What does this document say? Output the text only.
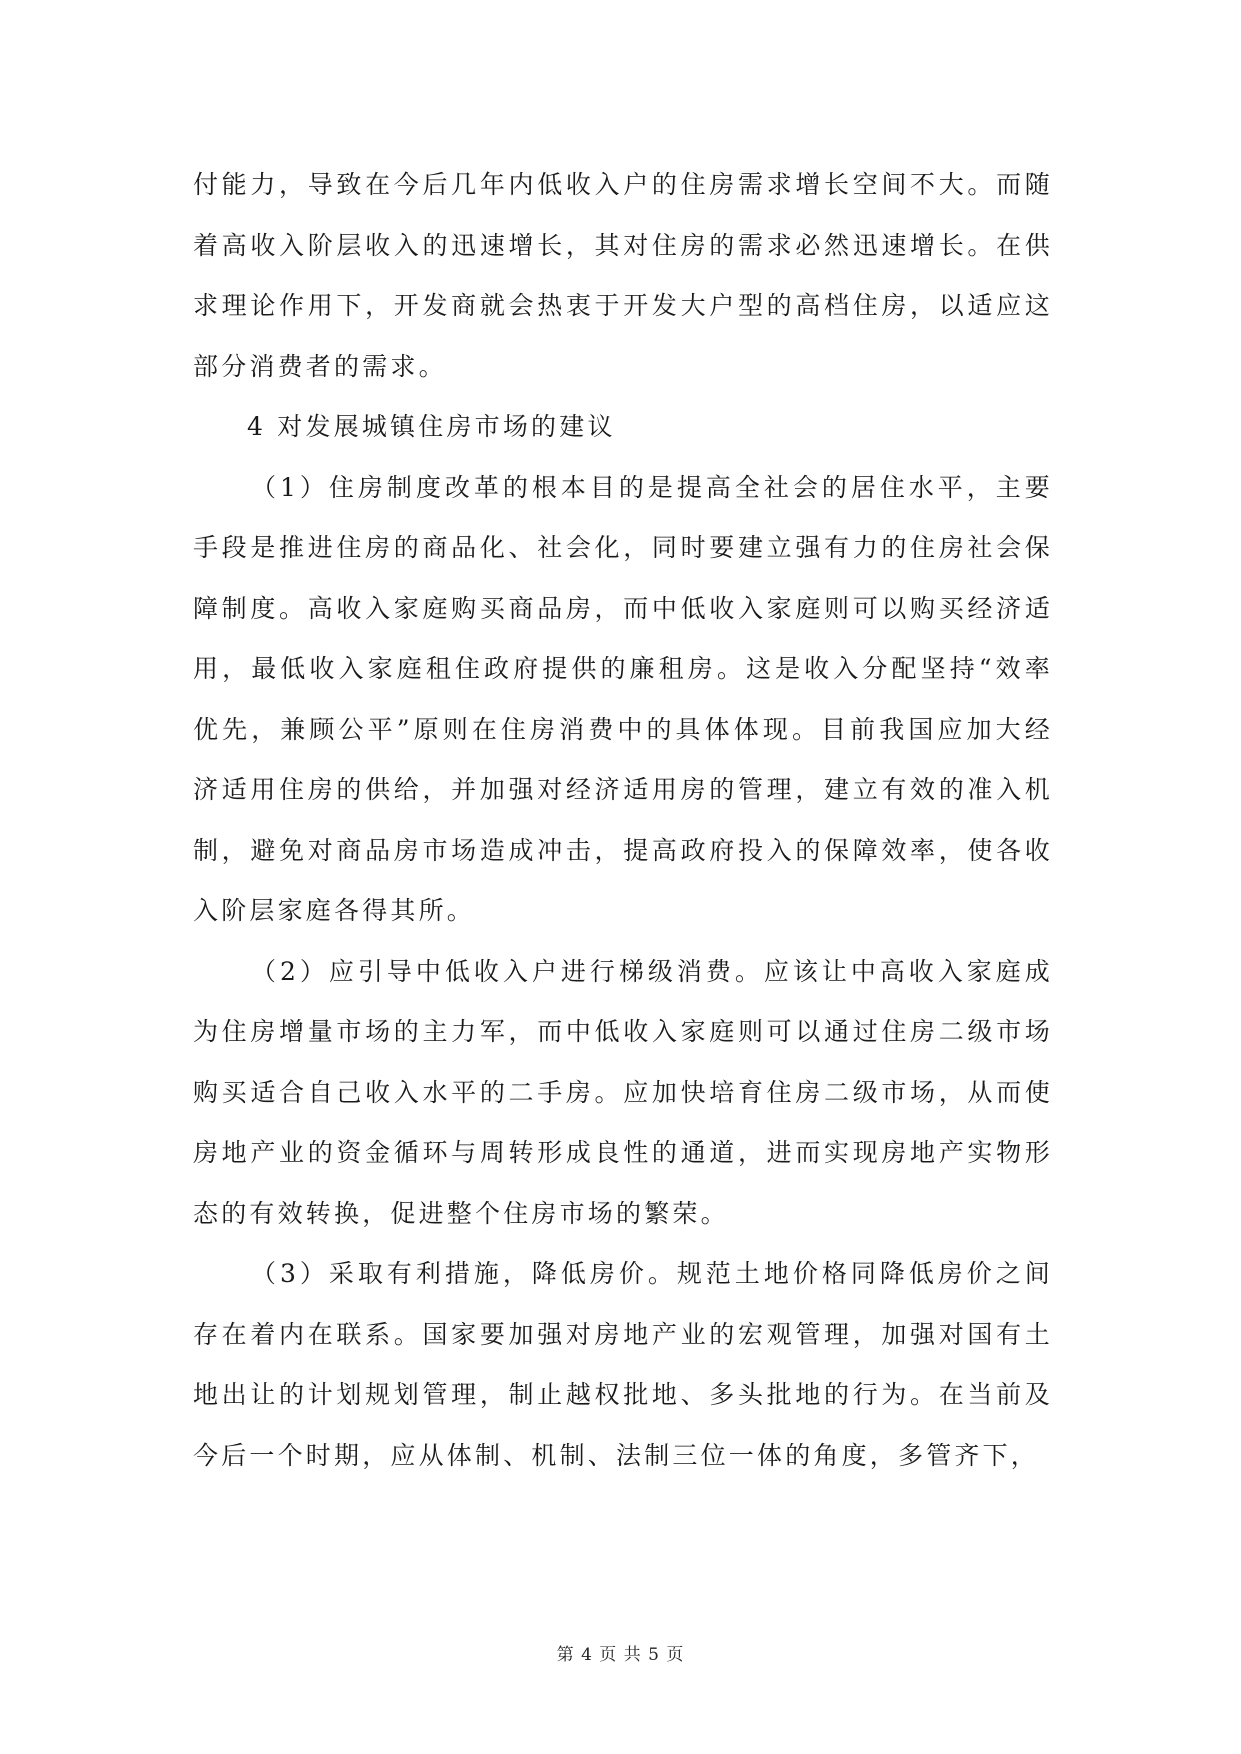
付能力，导致在今后几年内低收入户的住房需求增长空间不大。而随着高收入阶层收入的迅速增长，其对住房的需求必然迅速增长。在供求理论作用下，开发商就会热衷于开发大户型的高档住房，以适应这部分消费者的需求。

4 对发展城镇住房市场的建议

（1）住房制度改革的根本目的是提高全社会的居住水平，主要手段是推进住房的商品化、社会化，同时要建立强有力的住房社会保障制度。高收入家庭购买商品房，而中低收入家庭则可以购买经济适用，最低收入家庭租住政府提供的廉租房。这是收入分配坚持“效率优先，兼顾公平”原则在住房消费中的具体体现。目前我国应加大经济适用住房的供给，并加强对经济适用房的管理，建立有效的准入机制，避免对商品房市场造成冲击，提高政府投入的保障效率，使各收入阶层家庭各得其所。

（2）应引导中低收入户进行梯级消费。应该让中高收入家庭成为住房增量市场的主力军，而中低收入家庭则可以通过住房二级市场购买适合自己收入水平的二手房。应加快培育住房二级市场，从而使房地产业的资金循环与周转形成良性的通道，进而实现房地产实物形态的有效转换，促进整个住房市场的繁荣。

（3）采取有利措施，降低房价。规范土地价格同降低房价之间存在着内在联系。国家要加强对房地产业的宏观管理，加强对国有土地出让的计划规划管理，制止越权批地、多头批地的行为。在当前及今后一个时期，应从体制、机制、法制三位一体的角度，多管齐下，

第 4 页 共 5 页
